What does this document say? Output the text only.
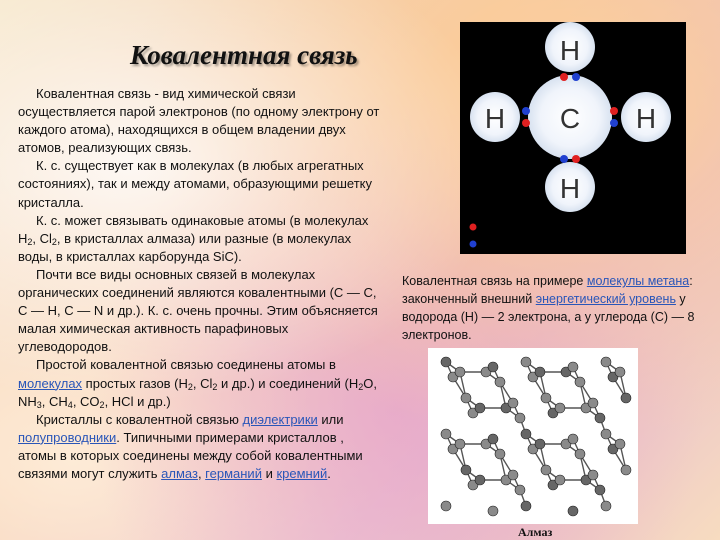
Ковалентная связь

Ковалентная связь - вид химической связи осуществляется парой электронов (по одному электрону от каждого атома), находящихся в общем владении двух атомов, реализующих связь.

К. с. существует как в молекулах (в любых агрегатных состояниях), так и между атомами, образующими решетку кристалла.

К. с. может связывать одинаковые атомы (в молекулах $H_2$, $Cl_2$, в кристаллах алмаза) или разные (в молекулах воды, в кристаллах карборунда SiC).

Почти все виды основных связей в молекулах органических соединений являются ковалентными (C — C, C — H, C — N и др.). К. с. очень прочны. Этим объясняется малая химическая активность парафиновых углеводородов.

Простой ковалентной связью соединены атомы в молекулах простых газов ($H_2$, $Cl_2$ и др.) и соединений ($H_2O$, $NH_3$, $CH_4$, $CO_2$, HCl и др.)

Кристаллы с ковалентной связью диэлектрики или полупроводники. Типичными примерами кристаллов , атомы в которых соединены между собой ковалентными связями могут служить алмаз, германий и кремний.

C
H
H	H
H
Ковалентная связь на примере молекулы метана: законченный внешний энергетический уровень у водорода (H) — 2 электрона, а у углерода (C) — 8 электронов.
Алмаз
